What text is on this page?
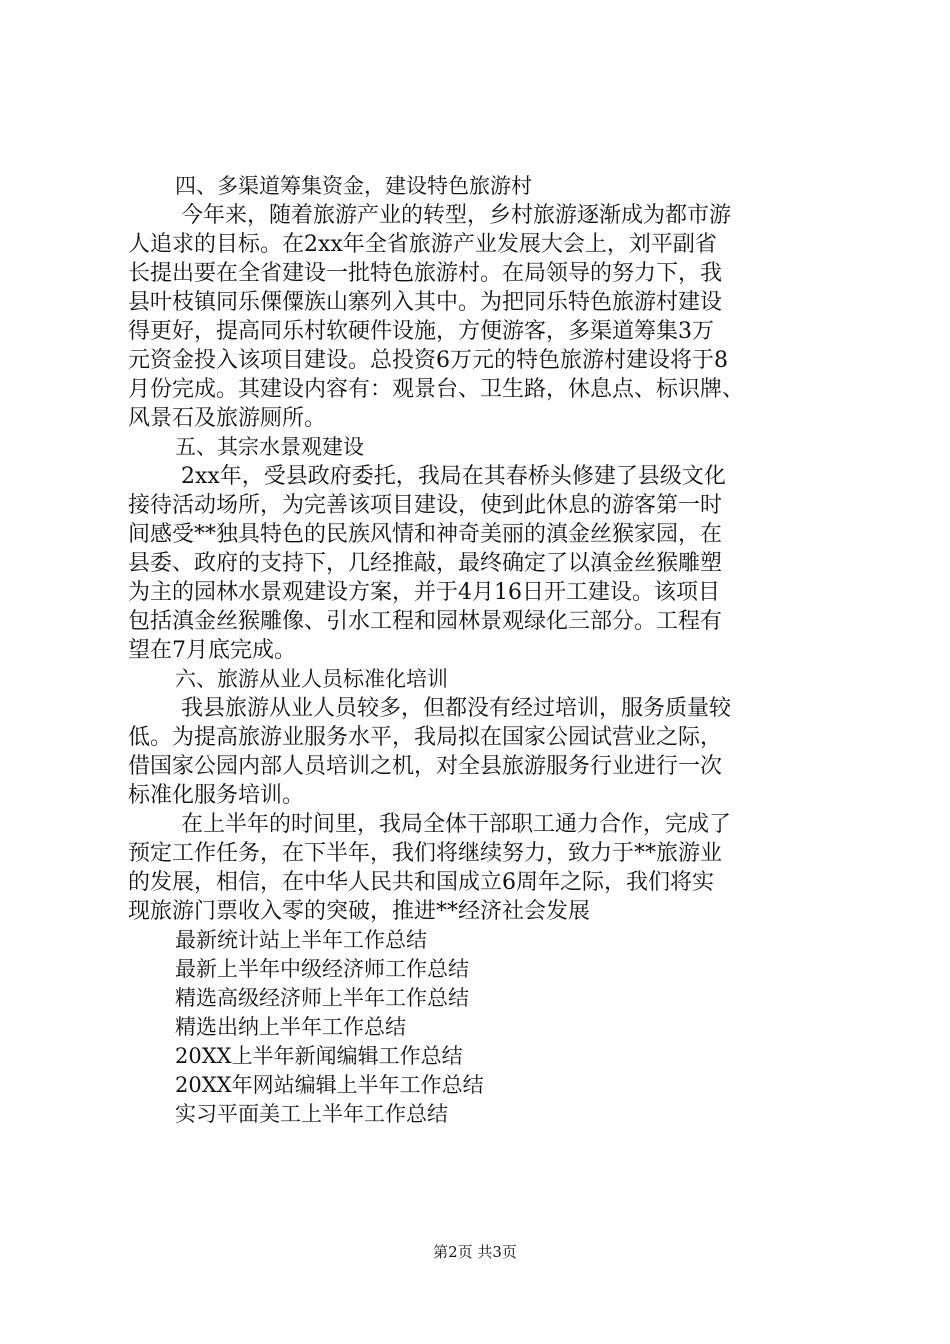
四、多渠道筹集资金，建设特色旅游村
今年来，随着旅游产业的转型，乡村旅游逐渐成为都市游
人追求的目标。在2xx年全省旅游产业发展大会上，刘平副省
长提出要在全省建设一批特色旅游村。在局领导的努力下，我
县叶枝镇同乐傈僳族山寨列入其中。为把同乐特色旅游村建设
得更好，提高同乐村软硬件设施，方便游客，多渠道筹集3万
元资金投入该项目建设。总投资6万元的特色旅游村建设将于8
月份完成。其建设内容有：观景台、卫生路，休息点、标识牌、
风景石及旅游厕所。
五、其宗水景观建设
2xx年，受县政府委托，我局在其春桥头修建了县级文化
接待活动场所，为完善该项目建设，使到此休息的游客第一时
间感受**独具特色的民族风情和神奇美丽的滇金丝猴家园，在
县委、政府的支持下，几经推敲，最终确定了以滇金丝猴雕塑
为主的园林水景观建设方案，并于4月16日开工建设。该项目
包括滇金丝猴雕像、引水工程和园林景观绿化三部分。工程有
望在7月底完成。
六、旅游从业人员标准化培训
我县旅游从业人员较多，但都没有经过培训，服务质量较
低。为提高旅游业服务水平，我局拟在国家公园试营业之际，
借国家公园内部人员培训之机，对全县旅游服务行业进行一次
标准化服务培训。
在上半年的时间里，我局全体干部职工通力合作，完成了
预定工作任务，在下半年，我们将继续努力，致力于**旅游业
的发展，相信，在中华人民共和国成立6周年之际，我们将实
现旅游门票收入零的突破，推进**经济社会发展
最新统计站上半年工作总结
最新上半年中级经济师工作总结
精选高级经济师上半年工作总结
精选出纳上半年工作总结
20XX上半年新闻编辑工作总结
20XX年网站编辑上半年工作总结
实习平面美工上半年工作总结
第2页 共3页
